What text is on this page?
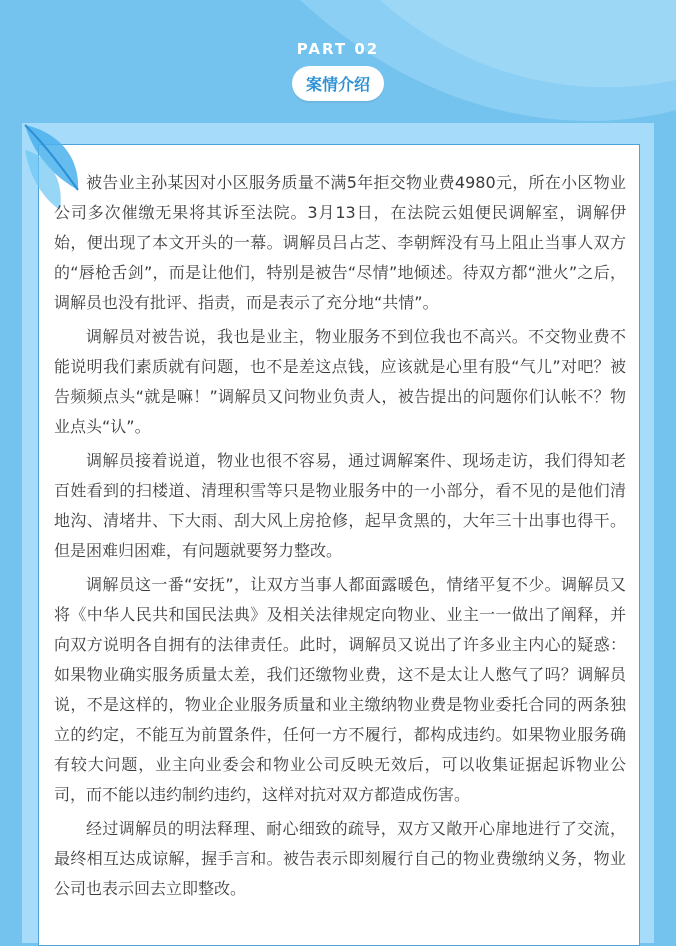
PART 02
案情介绍

被告业主孙某因对小区服务质量不满5年拒交物业费4980元，所在小区物业公司多次催缴无果将其诉至法院。3月13日，在法院云姐便民调解室，调解伊始，便出现了本文开头的一幕。调解员吕占芝、李朝辉没有马上阻止当事人双方的“唇枪舌剑”，而是让他们，特别是被告“尽情”地倾述。待双方都“泄火”之后，调解员也没有批评、指责，而是表示了充分地“共情”。

调解员对被告说，我也是业主，物业服务不到位我也不高兴。不交物业费不能说明我们素质就有问题，也不是差这点钱，应该就是心里有股“气儿”对吧？被告频频点头“就是嘛！”调解员又问物业负责人，被告提出的问题你们认帐不？物业点头“认”。

调解员接着说道，物业也很不容易，通过调解案件、现场走访，我们得知老百姓看到的扫楼道、清理积雪等只是物业服务中的一小部分，看不见的是他们清地沟、清堵井、下大雨、刮大风上房抢修，起早贪黑的，大年三十出事也得干。但是困难归困难，有问题就要努力整改。

调解员这一番“安抚”，让双方当事人都面露暖色，情绪平复不少。调解员又将《中华人民共和国民法典》及相关法律规定向物业、业主一一做出了阐释，并向双方说明各自拥有的法律责任。此时，调解员又说出了许多业主内心的疑惑：如果物业确实服务质量太差，我们还缴物业费，这不是太让人憋气了吗？调解员说，不是这样的，物业企业服务质量和业主缴纳物业费是物业委托合同的两条独立的约定，不能互为前置条件，任何一方不履行，都构成违约。如果物业服务确有较大问题，业主向业委会和物业公司反映无效后，可以收集证据起诉物业公司，而不能以违约制约违约，这样对抗对双方都造成伤害。

经过调解员的明法释理、耐心细致的疏导，双方又敞开心扉地进行了交流，最终相互达成谅解，握手言和。被告表示即刻履行自己的物业费缴纳义务，物业公司也表示回去立即整改。
